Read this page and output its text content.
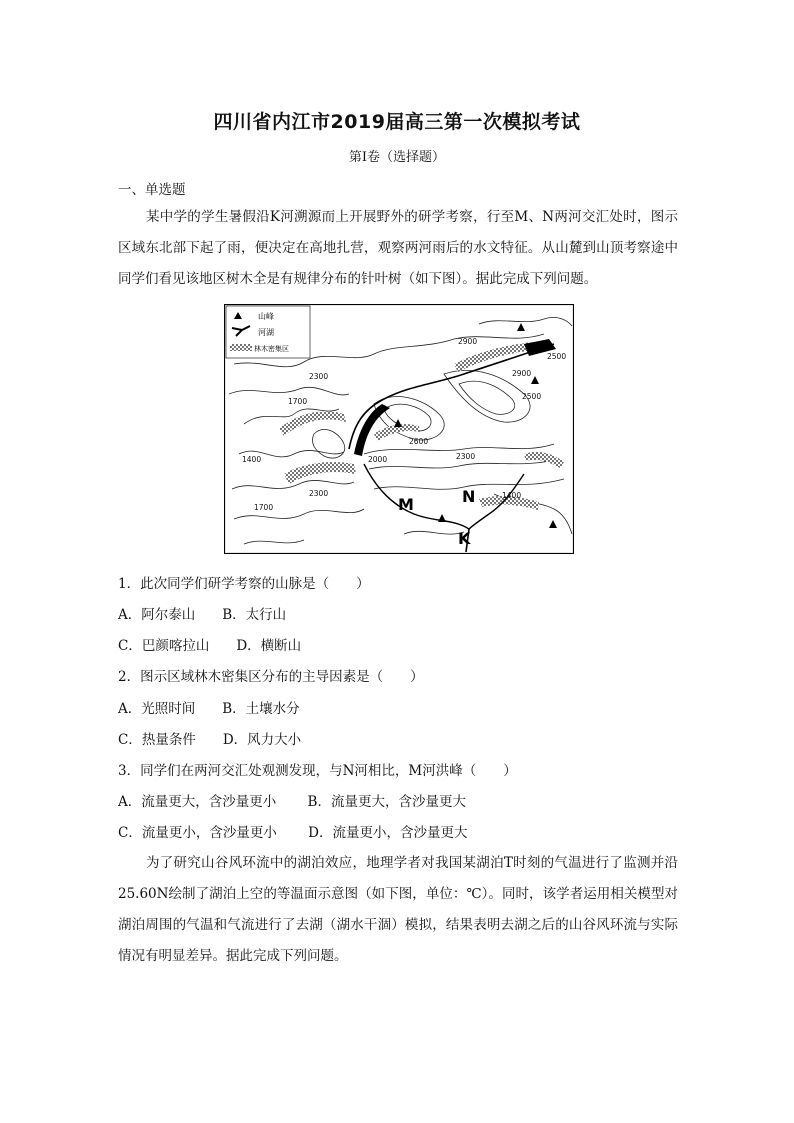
四川省内江市2019届高三第一次模拟考试
第I卷（选择题）
一、单选题
某中学的学生暑假沿K河溯源而上开展野外的研学考察，行至M、N两河交汇处时，图示区域东北部下起了雨，便决定在高地扎营，观察两河雨后的水文特征。从山麓到山顶考察途中同学们看见该地区树木全是有规律分布的针叶树（如下图）。据此完成下列问题。
山峰
河湖
林木密集区
2900
2900
2500
2500
2300
1700
2600
1400	2300
2000
2300
1700
1400
M	N
K
1．此次同学们研学考察的山脉是（　　）
A．阿尔泰山　　B．太行山
C．巴颜喀拉山　　D．横断山
2．图示区域林木密集区分布的主导因素是（　　）
A．光照时间　　B．土壤水分
C．热量条件　　D．风力大小
3．同学们在两河交汇处观测发现，与N河相比，M河洪峰（　　）
A．流量更大，含沙量更小　　 B．流量更大，含沙量更大
C．流量更小，含沙量更小　　 D．流量更小，含沙量更大
为了研究山谷风环流中的湖泊效应，地理学者对我国某湖泊T时刻的气温进行了监测并沿25.60N绘制了湖泊上空的等温面示意图（如下图，单位：℃）。同时，该学者运用相关模型对湖泊周围的气温和气流进行了去湖（湖水干涸）模拟，结果表明去湖之后的山谷风环流与实际情况有明显差异。据此完成下列问题。
